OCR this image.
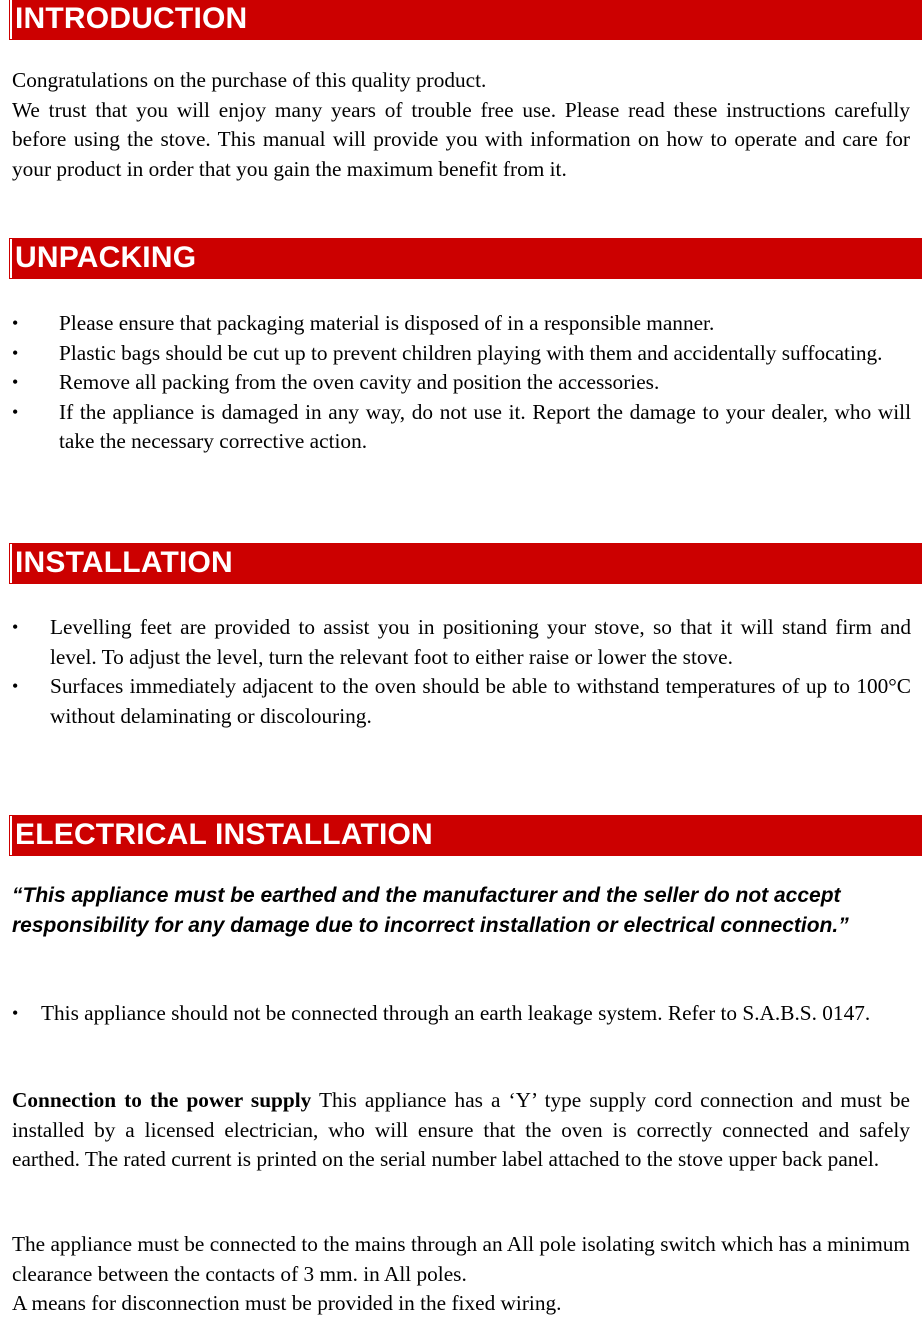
INTRODUCTION

Congratulations on the purchase of this quality product.

We trust that you will enjoy many years of trouble free use. Please read these instructions carefully before using the stove. This manual will provide you with information on how to operate and care for your product in order that you gain the maximum benefit from it.

UNPACKING
• Please ensure that packaging material is disposed of in a responsible manner.
• Plastic bags should be cut up to prevent children playing with them and accidentally suffocating.
• Remove all packing from the oven cavity and position the accessories.
• If the appliance is damaged in any way, do not use it. Report the damage to your dealer, who will take the necessary corrective action.
INSTALLATION
• Levelling feet are provided to assist you in positioning your stove, so that it will stand firm and level. To adjust the level, turn the relevant foot to either raise or lower the stove.
• Surfaces immediately adjacent to the oven should be able to withstand temperatures of up to 100°C without delaminating or discolouring.
ELECTRICAL INSTALLATION
“This appliance must be earthed and the manufacturer and the seller do not accept responsibility for any damage due to incorrect installation or electrical connection.”
• This appliance should not be connected through an earth leakage system. Refer to S.A.B.S. 0147.

Connection to the power supply This appliance has a ‘Y’ type supply cord connection and must be installed by a licensed electrician, who will ensure that the oven is correctly connected and safely earthed. The rated current is printed on the serial number label attached to the stove upper back panel.

The appliance must be connected to the mains through an All pole isolating switch which has a minimum clearance between the contacts of 3 mm. in All poles.

A means for disconnection must be provided in the fixed wiring.
